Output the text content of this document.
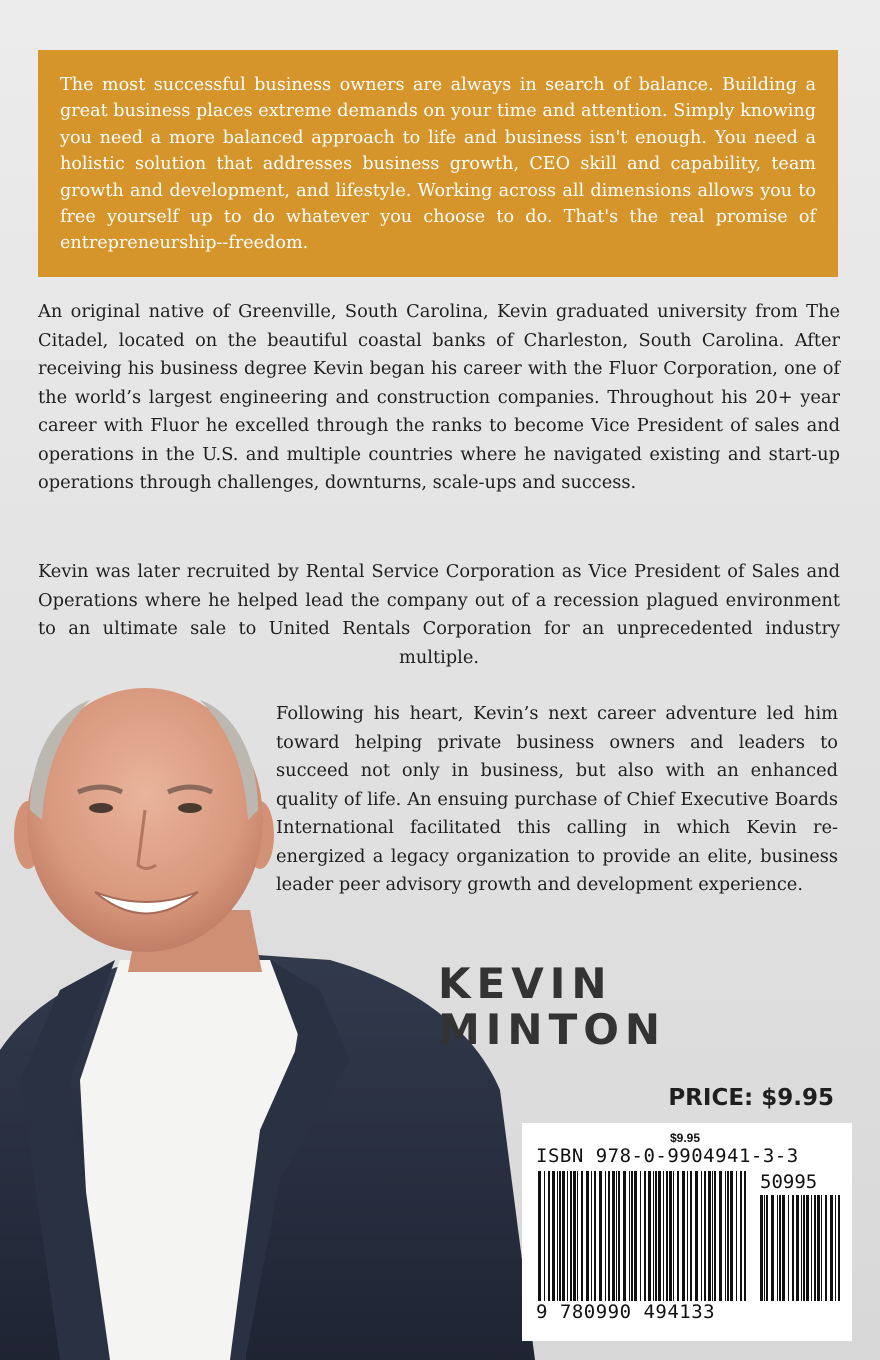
The most successful business owners are always in search of balance. Building a great business places extreme demands on your time and attention. Simply knowing you need a more balanced approach to life and business isn't enough. You need a holistic solution that addresses business growth, CEO skill and capability, team growth and development, and lifestyle. Working across all dimensions allows you to free yourself up to do whatever you choose to do. That's the real promise of entrepreneurship--freedom.

An original native of Greenville, South Carolina, Kevin graduated university from The Citadel, located on the beautiful coastal banks of Charleston, South Carolina. After receiving his business degree Kevin began his career with the Fluor Corporation, one of the world’s largest engineering and construction companies. Throughout his 20+ year career with Fluor he excelled through the ranks to become Vice President of sales and operations in the U.S. and multiple countries where he navigated existing and start-up operations through challenges, downturns, scale-ups and success.

Kevin was later recruited by Rental Service Corporation as Vice President of Sales and Operations where he helped lead the company out of a recession plagued environment to an ultimate sale to United Rentals Corporation for an unprecedented industry multiple.

Following his heart, Kevin’s next career adventure led him toward helping private business owners and leaders to succeed not only in business, but also with an enhanced quality of life. An ensuing purchase of Chief Executive Boards International facilitated this calling in which Kevin re-energized a legacy organization to provide an elite, business leader peer advisory growth and development experience.

KEVIN
MINTON

PRICE: $9.95

$9.95
ISBN 978-0-9904941-3-3
50995
9 780990 494133
